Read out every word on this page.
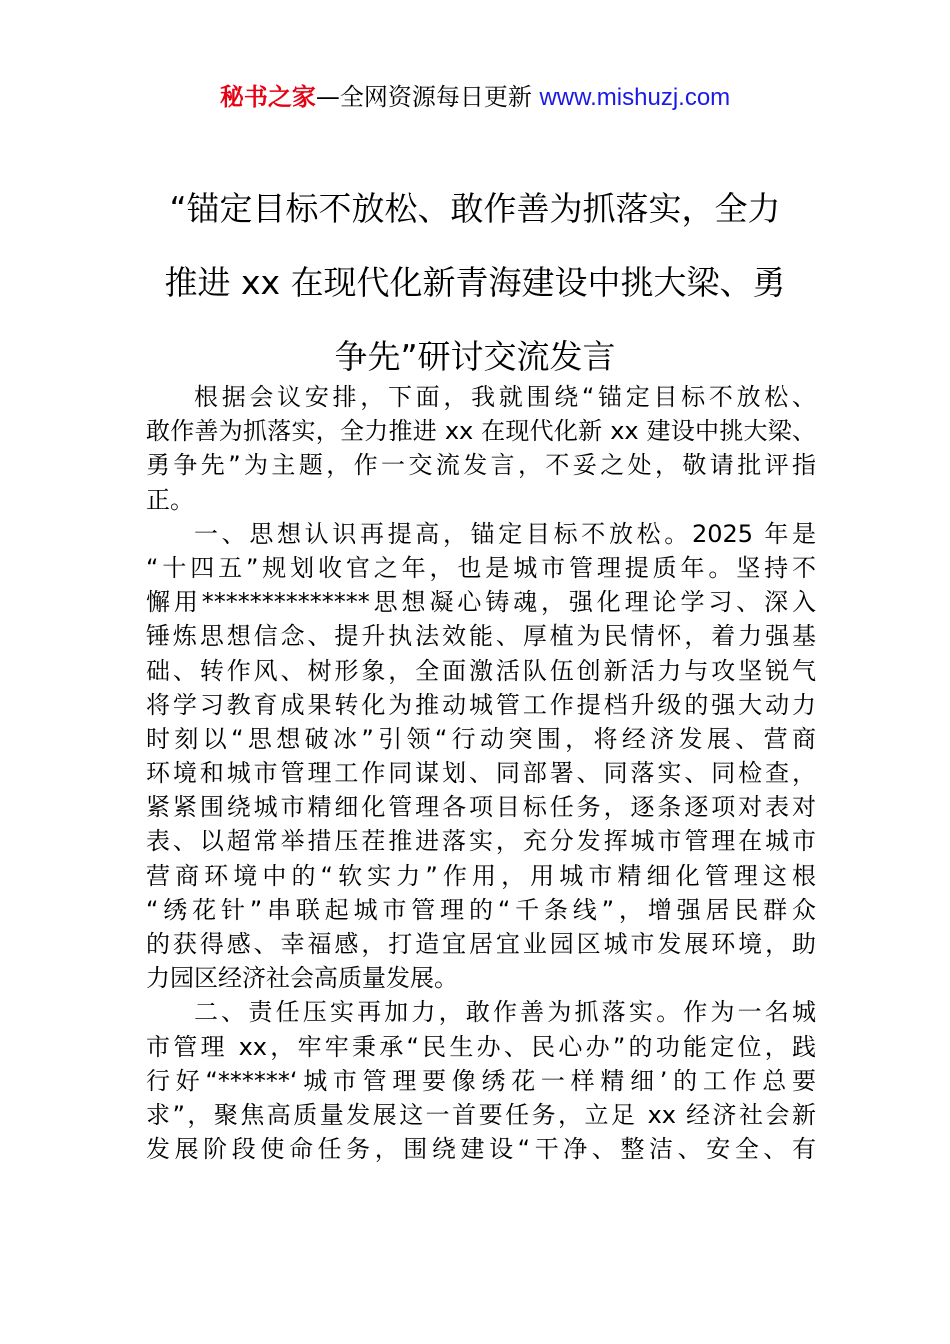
秘书之家—全网资源每日更新 www.mishuzj.com
“锚定目标不放松、敢作善为抓落实，全力
推进 xx 在现代化新青海建设中挑大梁、勇
争先”研讨交流发言

根据会议安排，下面，我就围绕“锚定目标不放松、
敢作善为抓落实，全力推进 xx 在现代化新 xx 建设中挑大梁、
勇争先”为主题，作一交流发言，不妥之处，敬请批评指
正。

一、思想认识再提高，锚定目标不放松。2025 年是
“十四五”规划收官之年，也是城市管理提质年。坚持不
懈用**************思想凝心铸魂，强化理论学习、深入
锤炼思想信念、提升执法效能、厚植为民情怀，着力强基
础、转作风、树形象，全面激活队伍创新活力与攻坚锐气
将学习教育成果转化为推动城管工作提档升级的强大动力
时刻以“思想破冰”引领“行动突围，将经济发展、营商
环境和城市管理工作同谋划、同部署、同落实、同检查，
紧紧围绕城市精细化管理各项目标任务，逐条逐项对表对
表、以超常举措压茬推进落实，充分发挥城市管理在城市
营商环境中的“软实力”作用，用城市精细化管理这根
“绣花针”串联起城市管理的“千条线”，增强居民群众
的获得感、幸福感，打造宜居宜业园区城市发展环境，助
力园区经济社会高质量发展。

二、责任压实再加力，敢作善为抓落实。作为一名城
市管理 xx，牢牢秉承“民生办、民心办”的功能定位，践
行好“******‘城市管理要像绣花一样精细’的工作总要
求”，聚焦高质量发展这一首要任务，立足 xx 经济社会新
发展阶段使命任务，围绕建设“干净、整洁、安全、有
